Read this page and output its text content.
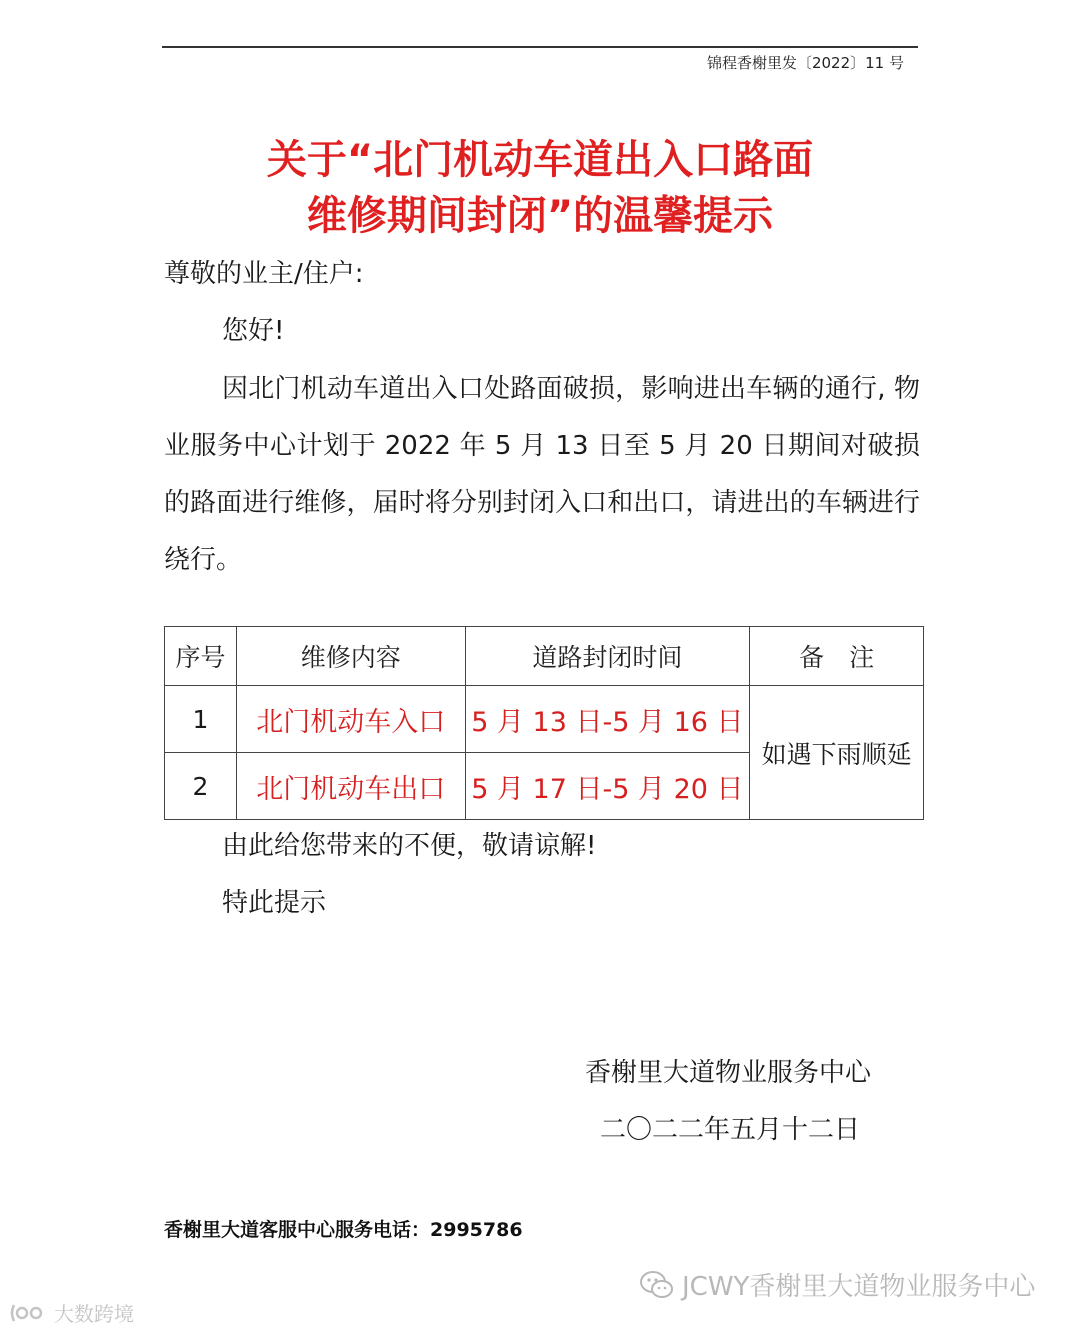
锦程香榭里发〔2022〕11 号
关于“北门机动车道出入口路面
维修期间封闭”的温馨提示
尊敬的业主/住户:
您好!
因北门机动车道出入口处路面破损，影响进出车辆的通行, 物业服务中心计划于 2022 年 5 月 13 日至 5 月 20 日期间对破损的路面进行维修，届时将分别封闭入口和出口，请进出的车辆进行绕行。
序号	维修内容	道路封闭时间	备　注
1	北门机动车入口	5 月 13 日-5 月 16 日	如遇下雨顺延
2	北门机动车出口	5 月 17 日-5 月 20 日	
由此给您带来的不便，敬请谅解!
特此提示
香榭里大道物业服务中心
二〇二二年五月十二日
香榭里大道客服中心服务电话：2995786
JCWY香榭里大道物业服务中心
大数跨境
